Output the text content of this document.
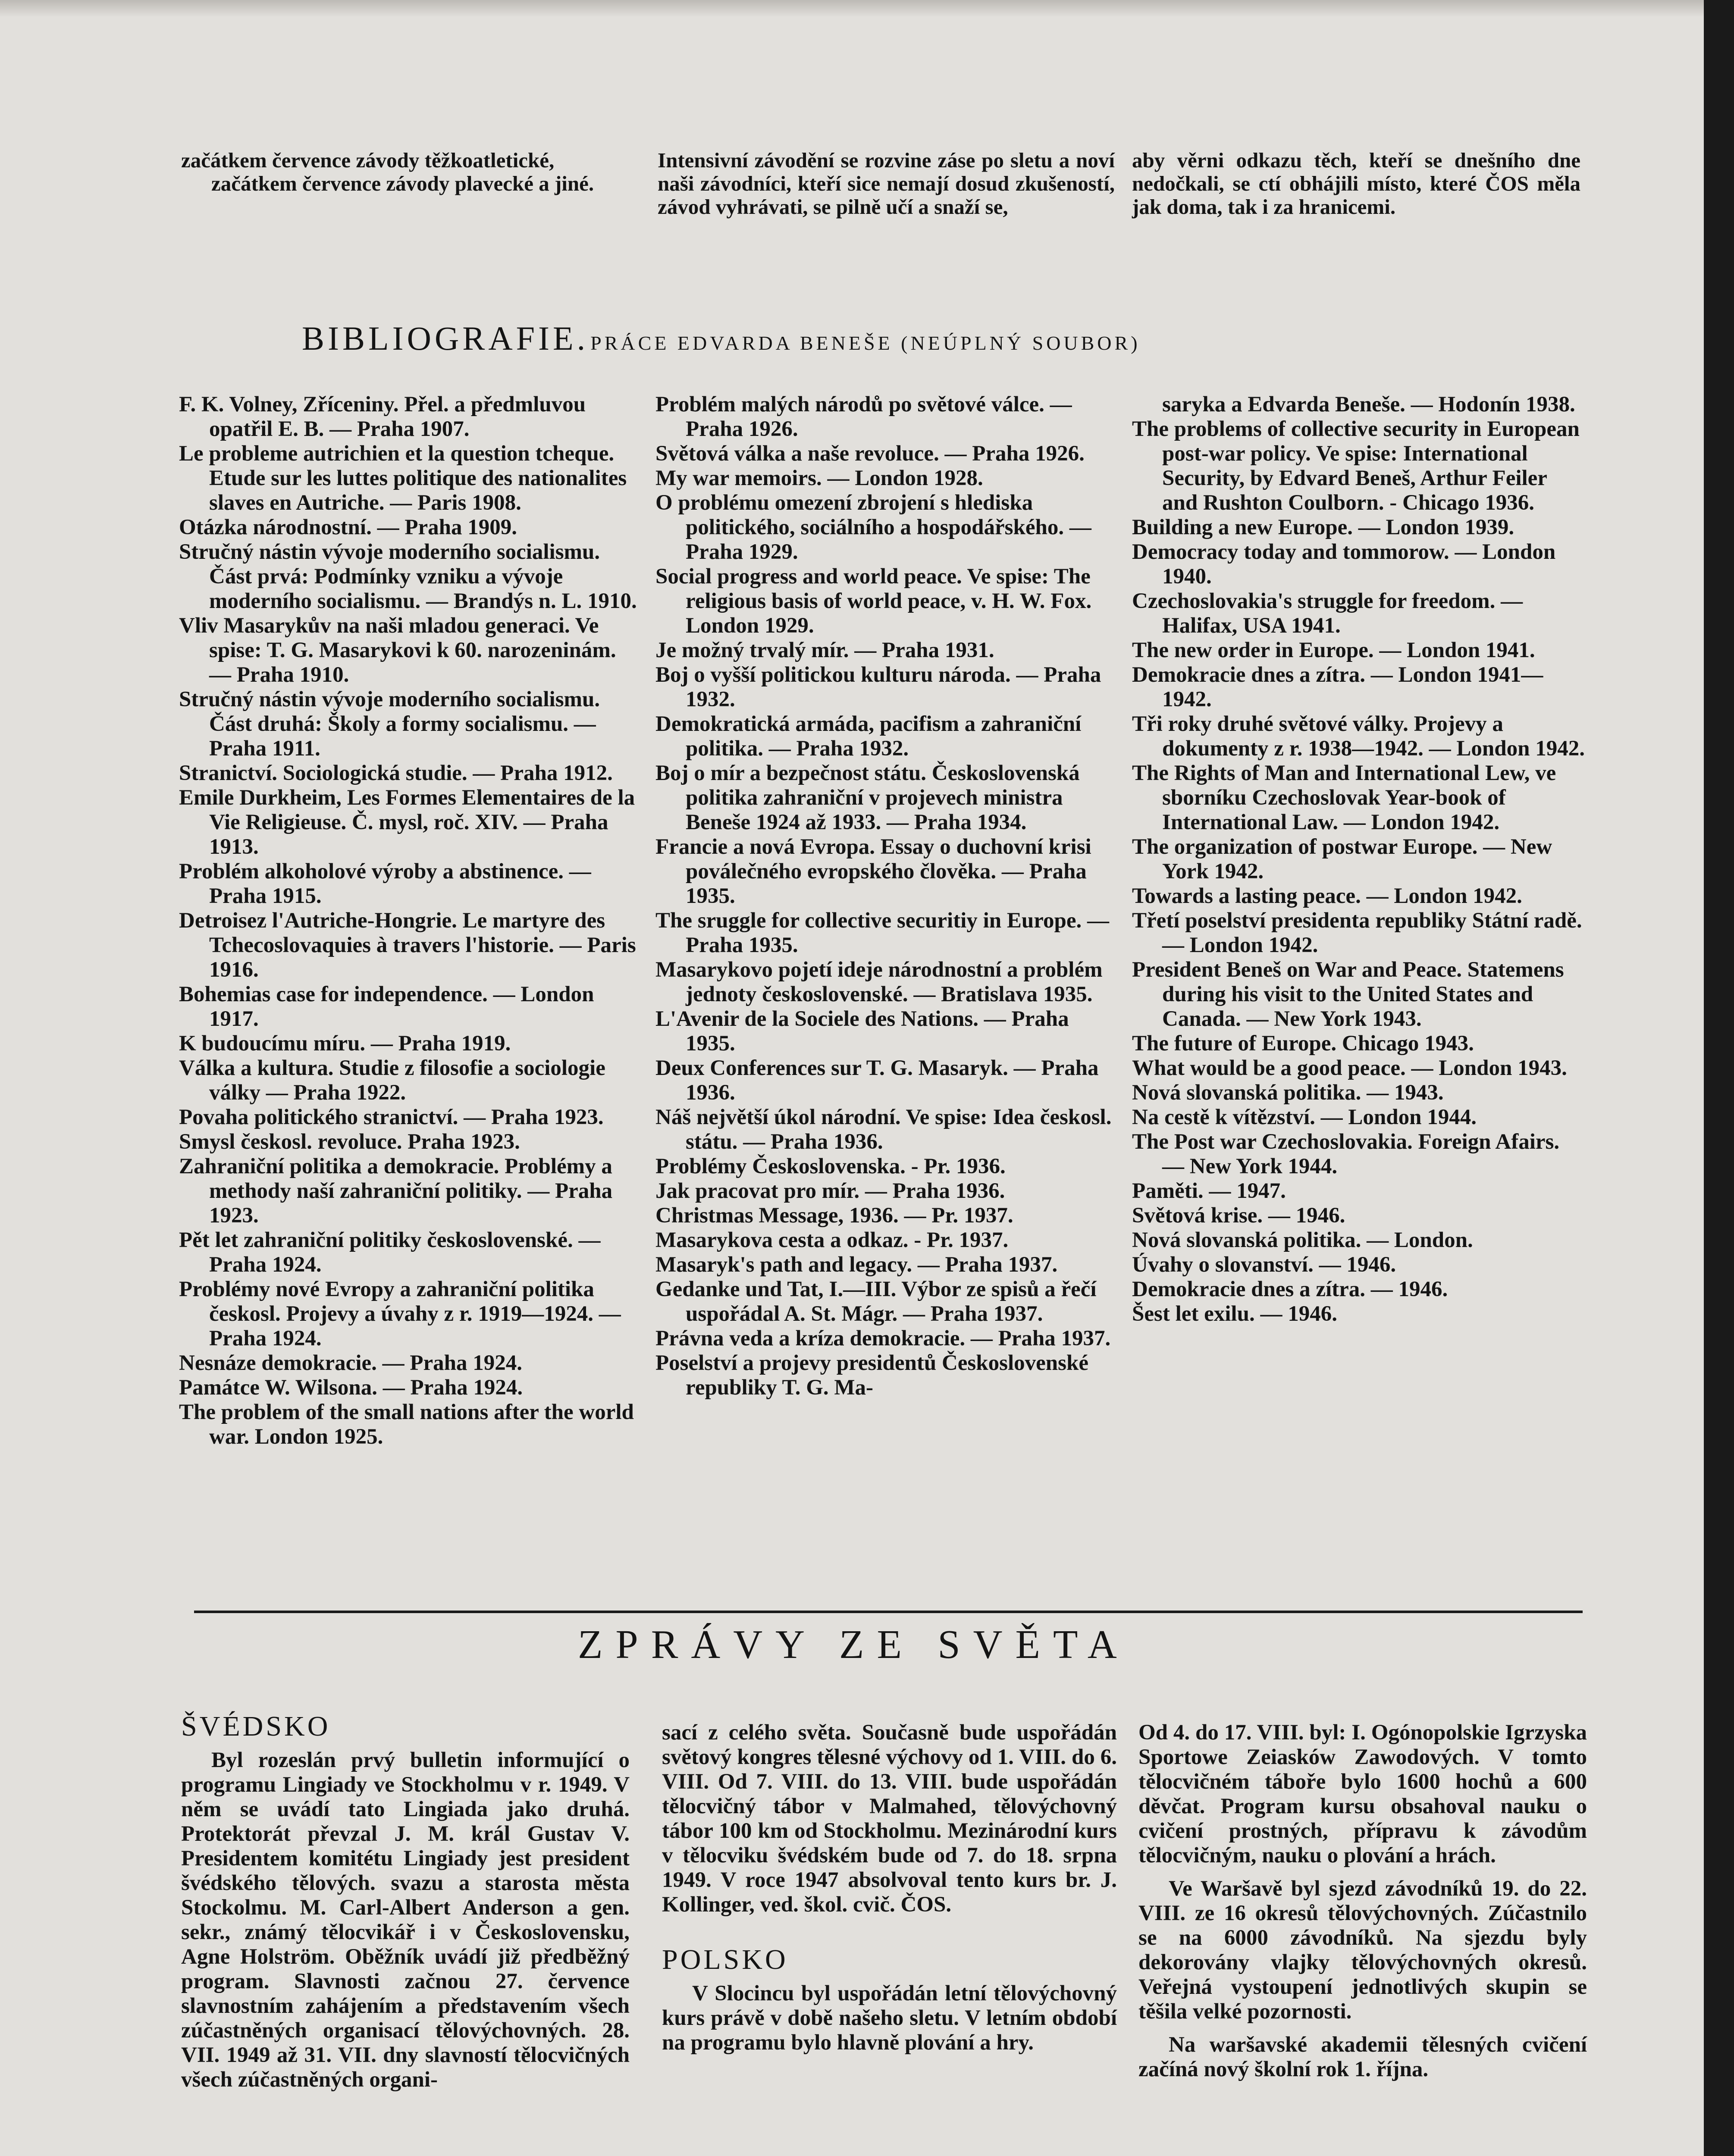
začátkem července závody těžkoatletické,

začátkem července závody plavecké a jiné.

Intensivní závodění se rozvine záse po sletu a noví naši závodníci, kteří sice nemají dosud zkušeností, závod vyhrávati, se pilně učí a snaží se,

aby věrni odkazu těch, kteří se dnešního dne nedočkali, se ctí obhájili místo, které ČOS měla jak doma, tak i za hranicemi.

BIBLIOGRAFIE. PRÁCE EDVARDA BENEŠE (NEÚPLNÝ SOUBOR)

F. K. Volney, Zříceniny. Přel. a předmluvou opatřil E. B. — Praha 1907.

Le probleme autrichien et la question tcheque. Etude sur les luttes politique des nationalites slaves en Autriche. — Paris 1908.

Otázka národnostní. — Praha 1909.

Stručný nástin vývoje moderního socialismu. Část prvá: Podmínky vzniku a vývoje moderního socialismu. — Brandýs n. L. 1910.

Vliv Masarykův na naši mladou generaci. Ve spise: T. G. Masarykovi k 60. narozeninám. — Praha 1910.

Stručný nástin vývoje moderního socialismu. Část druhá: Školy a formy socialismu. — Praha 1911.

Stranictví. Sociologická studie. — Praha 1912.

Emile Durkheim, Les Formes Elementaires de la Vie Religieuse. Č. mysl, roč. XIV. — Praha 1913.

Problém alkoholové výroby a abstinence. — Praha 1915.

Detroisez l'Autriche-Hongrie. Le martyre des Tchecoslovaquies à travers l'historie. — Paris 1916.

Bohemias case for independence. — London 1917.

K budoucímu míru. — Praha 1919.

Válka a kultura. Studie z filosofie a sociologie války — Praha 1922.

Povaha politického stranictví. — Praha 1923.

Smysl českosl. revoluce. Praha 1923.

Zahraniční politika a demokracie. Problémy a methody naší zahraniční politiky. — Praha 1923.

Pět let zahraniční politiky československé. — Praha 1924.

Problémy nové Evropy a zahraniční politika českosl. Projevy a úvahy z r. 1919—1924. — Praha 1924.

Nesnáze demokracie. — Praha 1924.

Památce W. Wilsona. — Praha 1924.

The problem of the small nations after the world war. London 1925.

Problém malých národů po světové válce. — Praha 1926.

Světová válka a naše revoluce. — Praha 1926.

My war memoirs. — London 1928.

O problému omezení zbrojení s hlediska politického, sociálního a hospodářského. — Praha 1929.

Social progress and world peace. Ve spise: The religious basis of world peace, v. H. W. Fox. London 1929.

Je možný trvalý mír. — Praha 1931.

Boj o vyšší politickou kulturu národa. — Praha 1932.

Demokratická armáda, pacifism a zahraniční politika. — Praha 1932.

Boj o mír a bezpečnost státu. Československá politika zahraniční v projevech ministra Beneše 1924 až 1933. — Praha 1934.

Francie a nová Evropa. Essay o duchovní krisi poválečného evropského člověka. — Praha 1935.

The sruggle for collective securitiy in Europe. — Praha 1935.

Masarykovo pojetí ideje národnostní a problém jednoty československé. — Bratislava 1935.

L'Avenir de la Sociele des Nations. — Praha 1935.

Deux Conferences sur T. G. Masaryk. — Praha 1936.

Náš největší úkol národní. Ve spise: Idea českosl. státu. — Praha 1936.

Problémy Československa. - Pr. 1936.

Jak pracovat pro mír. — Praha 1936.

Christmas Message, 1936. — Pr. 1937.

Masarykova cesta a odkaz. - Pr. 1937.

Masaryk's path and legacy. — Praha 1937.

Gedanke und Tat, I.—III. Výbor ze spisů a řečí uspořádal A. St. Mágr. — Praha 1937.

Právna veda a kríza demokracie. — Praha 1937.

Poselství a projevy presidentů Československé republiky T. G. Ma-

saryka a Edvarda Beneše. — Hodonín 1938.

The problems of collective security in European post-war policy. Ve spise: International Security, by Edvard Beneš, Arthur Feiler and Rushton Coulborn. - Chicago 1936.

Building a new Europe. — London 1939.

Democracy today and tommorow. — London 1940.

Czechoslovakia's struggle for freedom. — Halifax, USA 1941.

The new order in Europe. — London 1941.

Demokracie dnes a zítra. — London 1941—1942.

Tři roky druhé světové války. Projevy a dokumenty z r. 1938—1942. — London 1942.

The Rights of Man and International Lew, ve sborníku Czechoslovak Year-book of International Law. — London 1942.

The organization of postwar Europe. — New York 1942.

Towards a lasting peace. — London 1942.

Třetí poselství presidenta republiky Státní radě. — London 1942.

President Beneš on War and Peace. Statemens during his visit to the United States and Canada. — New York 1943.

The future of Europe. Chicago 1943.

What would be a good peace. — London 1943.

Nová slovanská politika. — 1943.

Na cestě k vítězství. — London 1944.

The Post war Czechoslovakia. Foreign Afairs. — New York 1944.

Paměti. — 1947.

Světová krise. — 1946.

Nová slovanská politika. — London.

Úvahy o slovanství. — 1946.

Demokracie dnes a zítra. — 1946.

Šest let exilu. — 1946.

ZPRÁVY ZE SVĚTA
ŠVÉDSKO

Byl rozeslán prvý bulletin informující o programu Lingiady ve Stockholmu v r. 1949. V něm se uvádí tato Lingiada jako druhá. Protektorát převzal J. M. král Gustav V. Presidentem komitétu Lingiady jest president švédského tělových. svazu a starosta města Stockolmu. M. Carl-Albert Anderson a gen. sekr., známý tělocvikář i v Československu, Agne Holström. Oběžník uvádí již předběžný program. Slavnosti začnou 27. července slavnostním zahájením a představením všech zúčastněných organisací tělovýchovných. 28. VII. 1949 až 31. VII. dny slavností tělocvičných všech zúčastněných organi-

sací z celého světa. Současně bude uspořádán světový kongres tělesné výchovy od 1. VIII. do 6. VIII. Od 7. VIII. do 13. VIII. bude uspořádán tělocvičný tábor v Malmahed, tělovýchovný tábor 100 km od Stockholmu. Mezinárodní kurs v tělocviku švédském bude od 7. do 18. srpna 1949. V roce 1947 absolvoval tento kurs br. J. Kollinger, ved. škol. cvič. ČOS.

POLSKO

V Slocincu byl uspořádán letní tělovýchovný kurs právě v době našeho sletu. V letním období na programu bylo hlavně plování a hry.

Od 4. do 17. VIII. byl: I. Ogónopolskie Igrzyska Sportowe Zeiasków Zawodových. V tomto tělocvičném táboře bylo 1600 hochů a 600 děvčat. Program kursu obsahoval nauku o cvičení prostných, přípravu k závodům tělocvičným, nauku o plování a hrách.

Ve Waršavě byl sjezd závodníků 19. do 22. VIII. ze 16 okresů tělovýchovných. Zúčastnilo se na 6000 závodníků. Na sjezdu byly dekorovány vlajky tělovýchovných okresů. Veřejná vystoupení jednotlivých skupin se těšila velké pozornosti.

Na waršavské akademii tělesných cvičení začíná nový školní rok 1. října.
